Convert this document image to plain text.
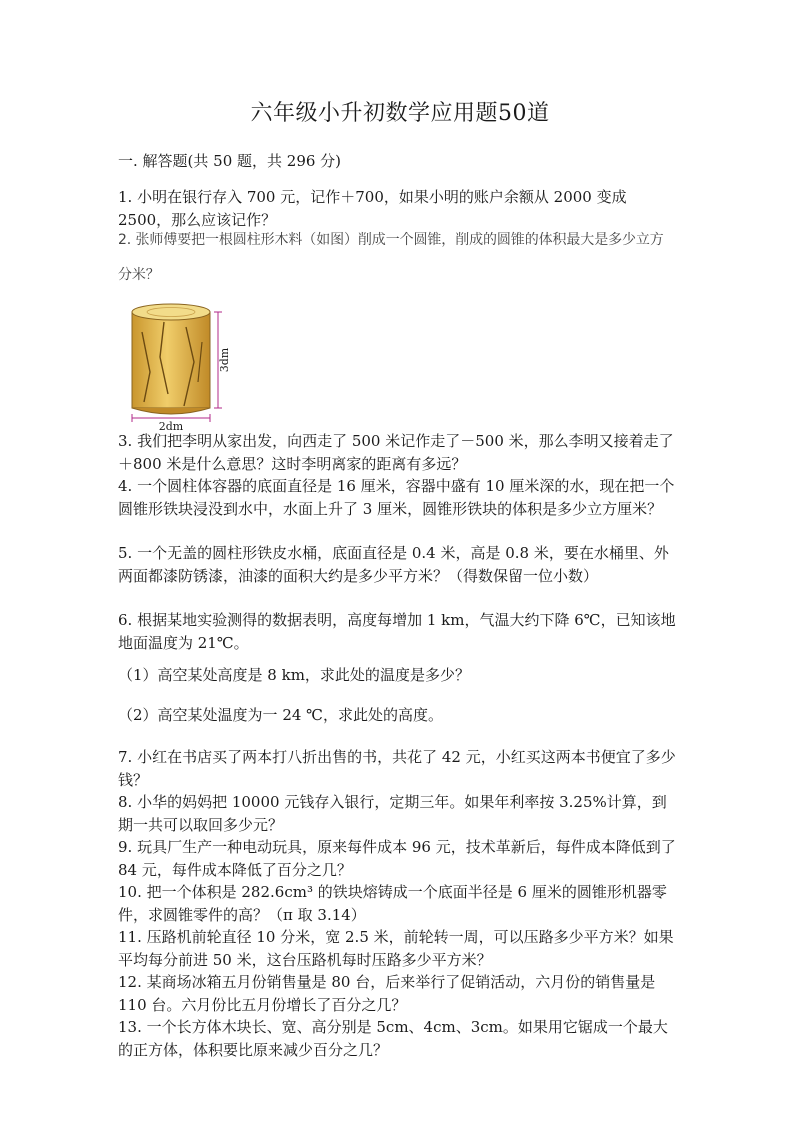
六年级小升初数学应用题50道
一. 解答题(共 50 题，共 296 分)
1. 小明在银行存入 700 元，记作＋700，如果小明的账户余额从 2000 变成 2500，那么应该记作？
2. 张师傅要把一根圆柱形木料（如图）削成一个圆锥，削成的圆锥的体积最大是多少立方
分米？
3dm
2dm
3. 我们把李明从家出发，向西走了 500 米记作走了－500 米，那么李明又接着走了＋800 米是什么意思？这时李明离家的距离有多远？
4. 一个圆柱体容器的底面直径是 16 厘米，容器中盛有 10 厘米深的水，现在把一个圆锥形铁块浸没到水中，水面上升了 3 厘米，圆锥形铁块的体积是多少立方厘米？
5. 一个无盖的圆柱形铁皮水桶，底面直径是 0.4 米，高是 0.8 米，要在水桶里、外两面都漆防锈漆，油漆的面积大约是多少平方米？（得数保留一位小数）
6. 根据某地实验测得的数据表明，高度每增加 1 km，气温大约下降 6℃，已知该地地面温度为 21℃。
（1）高空某处高度是 8 km，求此处的温度是多少？
（2）高空某处温度为一 24 ℃，求此处的高度。
7. 小红在书店买了两本打八折出售的书，共花了 42 元，小红买这两本书便宜了多少钱？
8. 小华的妈妈把 10000 元钱存入银行，定期三年。如果年利率按 3.25%计算，到期一共可以取回多少元？
9. 玩具厂生产一种电动玩具，原来每件成本 96 元，技术革新后，每件成本降低到了 84 元，每件成本降低了百分之几？
10. 把一个体积是 282.6cm³ 的铁块熔铸成一个底面半径是 6 厘米的圆锥形机器零件，求圆锥零件的高？（π 取 3.14）
11. 压路机前轮直径 10 分米，宽 2.5 米，前轮转一周，可以压路多少平方米？如果平均每分前进 50 米，这台压路机每时压路多少平方米？
12. 某商场冰箱五月份销售量是 80 台，后来举行了促销活动，六月份的销售量是 110 台。六月份比五月份增长了百分之几？
13. 一个长方体木块长、宽、高分别是 5cm、4cm、3cm。如果用它锯成一个最大的正方体，体积要比原来减少百分之几？
